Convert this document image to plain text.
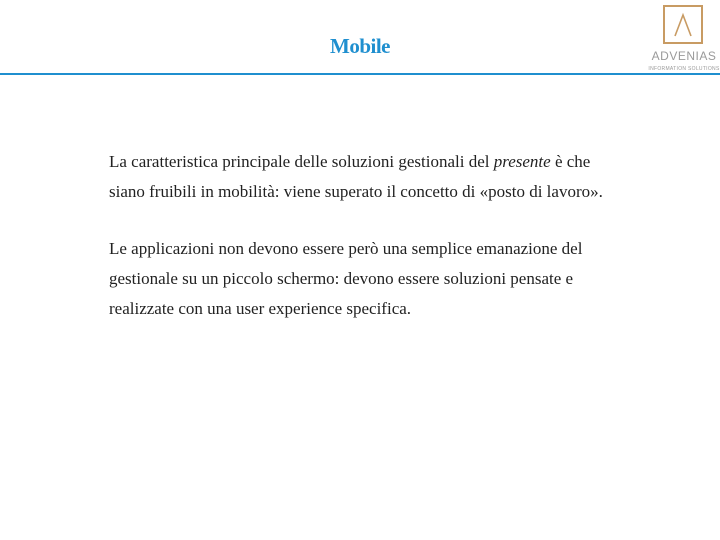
Mobile	ADVENIAS
INFORMATION SOLUTIONS

La caratteristica principale delle soluzioni gestionali del presente è che siano fruibili in mobilità: viene superato il concetto di «posto di lavoro».

Le applicazioni non devono essere però una semplice emanazione del gestionale su un piccolo schermo: devono essere soluzioni pensate e realizzate con una user experience specifica.
